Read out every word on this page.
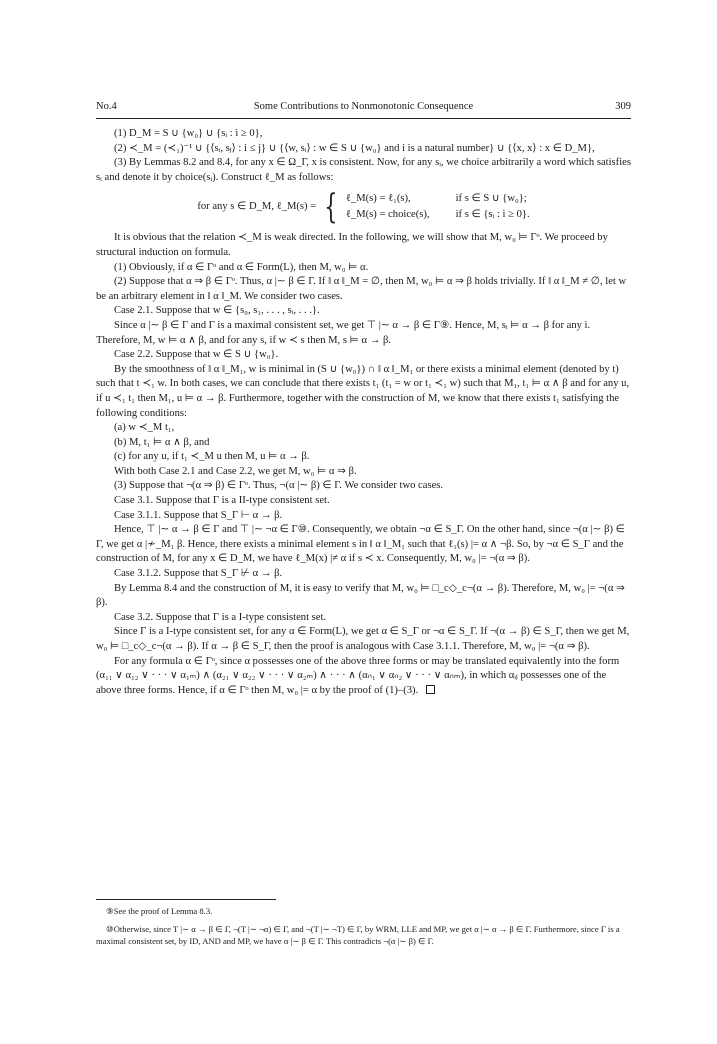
No.4	Some Contributions to Nonmonotonic Consequence	309

(1) D_M = S ∪ {w₀} ∪ {sᵢ : i ≥ 0},

(2) ≺_M = (≺₁)⁻¹ ∪ {⟨sᵢ, sⱼ⟩ : i ≤ j} ∪ {⟨w, sᵢ⟩ : w ∈ S ∪ {w₀} and i is a natural number} ∪ {⟨x, x⟩ : x ∈ D_M},

(3) By Lemmas 8.2 and 8.4, for any x ∈ Ω_Γ, x is consistent. Now, for any sᵢ, we choice arbitrarily a word which satisfies sᵢ and denote it by choice(sᵢ). Construct ℓ_M as follows:

for any s ∈ D_M, ℓ_M(s) = { ℓ_M(s) = ℓ₁(s),	if s ∈ S ∪ {w₀};
ℓ_M(s) = choice(s), if s ∈ {sᵢ : i ≥ 0}.

It is obvious that the relation ≺_M is weak directed. In the following, we will show that M, w₀ ⊨ Γᵒ. We proceed by structural induction on formula.

(1) Obviously, if α ∈ Γᵒ and α ∈ Form(L), then M, w₀ ⊨ α.

(2) Suppose that α ⇒ β ∈ Γᵒ. Thus, α |∼ β ∈ Γ. If ‖ α ‖_M = ∅, then M, w₀ ⊨ α ⇒ β holds trivially. If ‖ α ‖_M ≠ ∅, let w be an arbitrary element in ‖ α ‖_M. We consider two cases.

Case 2.1. Suppose that w ∈ {s₀, s₁, . . . , sᵢ, . . .}.

Since α |∼ β ∈ Γ and Γ is a maximal consistent set, we get ⊤ |∼ α → β ∈ Γ⑨. Hence, M, sᵢ ⊨ α → β for any i. Therefore, M, w ⊨ α ∧ β, and for any s, if w ≺ s then M, s ⊨ α → β.

Case 2.2. Suppose that w ∈ S ∪ {w₀}.

By the smoothness of ‖ α ‖_M₁, w is minimal in (S ∪ {w₀}) ∩ ‖ α ‖_M₁ or there exists a minimal element (denoted by t) such that t ≺₁ w. In both cases, we can conclude that there exists t₁ (t₁ = w or t₁ ≺₁ w) such that M₁, t₁ ⊨ α ∧ β and for any u, if u ≺₁ t₁ then M₁, u ⊨ α → β. Furthermore, together with the construction of M, we know that there exists t₁ satisfying the following conditions:

(a) w ≺_M t₁,

(b) M, t₁ ⊨ α ∧ β, and

(c) for any u, if t₁ ≺_M u then M, u ⊨ α → β.

With both Case 2.1 and Case 2.2, we get M, w₀ ⊨ α ⇒ β.

(3) Suppose that ¬(α ⇒ β) ∈ Γᵒ. Thus, ¬(α |∼ β) ∈ Γ. We consider two cases.

Case 3.1. Suppose that Γ is a II-type consistent set.

Case 3.1.1. Suppose that S_Γ ⊢ α → β.

Hence, ⊤ |∼ α → β ∈ Γ and ⊤ |∼ ¬α ∈ Γ⑩. Consequently, we obtain ¬α ∈ S_Γ. On the other hand, since ¬(α |∼ β) ∈ Γ, we get α |≁_M₁ β. Hence, there exists a minimal element s in ‖ α ‖_M₁ such that ℓ₁(s) |= α ∧ ¬β. So, by ¬α ∈ S_Γ and the construction of M, for any x ∈ D_M, we have ℓ_M(x) |≠ α if s ≺ x. Consequently, M, w₀ |= ¬(α ⇒ β).

Case 3.1.2. Suppose that S_Γ ⊬ α → β.

By Lemma 8.4 and the construction of M, it is easy to verify that M, w₀ ⊨ □_c◇_c¬(α → β). Therefore, M, w₀ |= ¬(α ⇒ β).

Case 3.2. Suppose that Γ is a I-type consistent set.

Since Γ is a I-type consistent set, for any α ∈ Form(L), we get α ∈ S_Γ or ¬α ∈ S_Γ. If ¬(α → β) ∈ S_Γ, then we get M, w₀ ⊨ □_c◇_c¬(α → β). If α → β ∈ S_Γ, then the proof is analogous with Case 3.1.1. Therefore, M, w₀ |= ¬(α ⇒ β).

For any formula α ∈ Γᵒ, since α possesses one of the above three forms or may be translated equivalently into the form (α₁₁ ∨ α₁₂ ∨ · · · ∨ α₁ₘ) ∧ (α₂₁ ∨ α₂₂ ∨ · · · ∨ α₂ₘ) ∧ · · · ∧ (αₙ₁ ∨ αₙ₂ ∨ · · · ∨ αₙₘ), in which αᵢⱼ possesses one of the above three forms. Hence, if α ∈ Γᵒ then M, w₀ |= α by the proof of (1)–(3).

⑨See the proof of Lemma 8.3.

⑩Otherwise, since T |∼ α → β ∈ Γ, ¬(T |∼ ¬α) ∈ Γ, and ¬(T |∼ ¬T) ∈ Γ, by WRM, LLE and MP, we get α |∼ α → β ∈ Γ. Furthermore, since Γ is a maximal consistent set, by ID, AND and MP, we have α |∼ β ∈ Γ. This contradicts ¬(α |∼ β) ∈ Γ.
